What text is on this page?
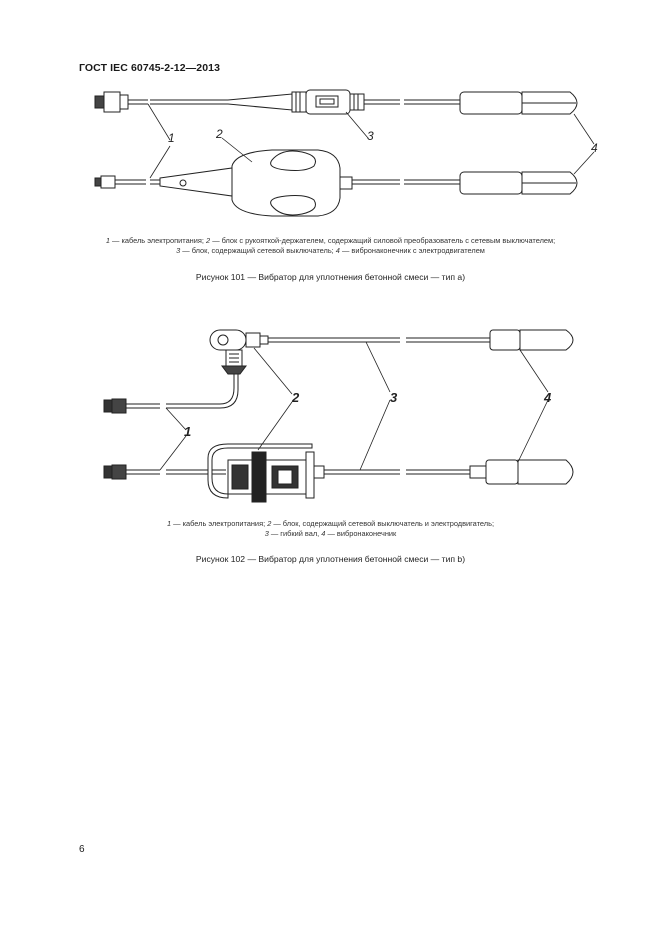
ГОСТ IEC 60745-2-12—2013
1	2	3
4
1 — кабель электропитания; 2 — блок с рукояткой-держателем, содержащий силовой преобразователь с сетевым выключателем;
3 — блок, содержащий сетевой выключатель; 4 — вибронаконечник с электродвигателем
Рисунок 101 — Вибратор для уплотнения бетонной смеси — тип a)
1
2	3	4
1 — кабель электропитания; 2 — блок, содержащий сетевой выключатель и электродвигатель;
3 — гибкий вал, 4 — вибронаконечник
Рисунок 102 — Вибратор для уплотнения бетонной смеси — тип b)
6
